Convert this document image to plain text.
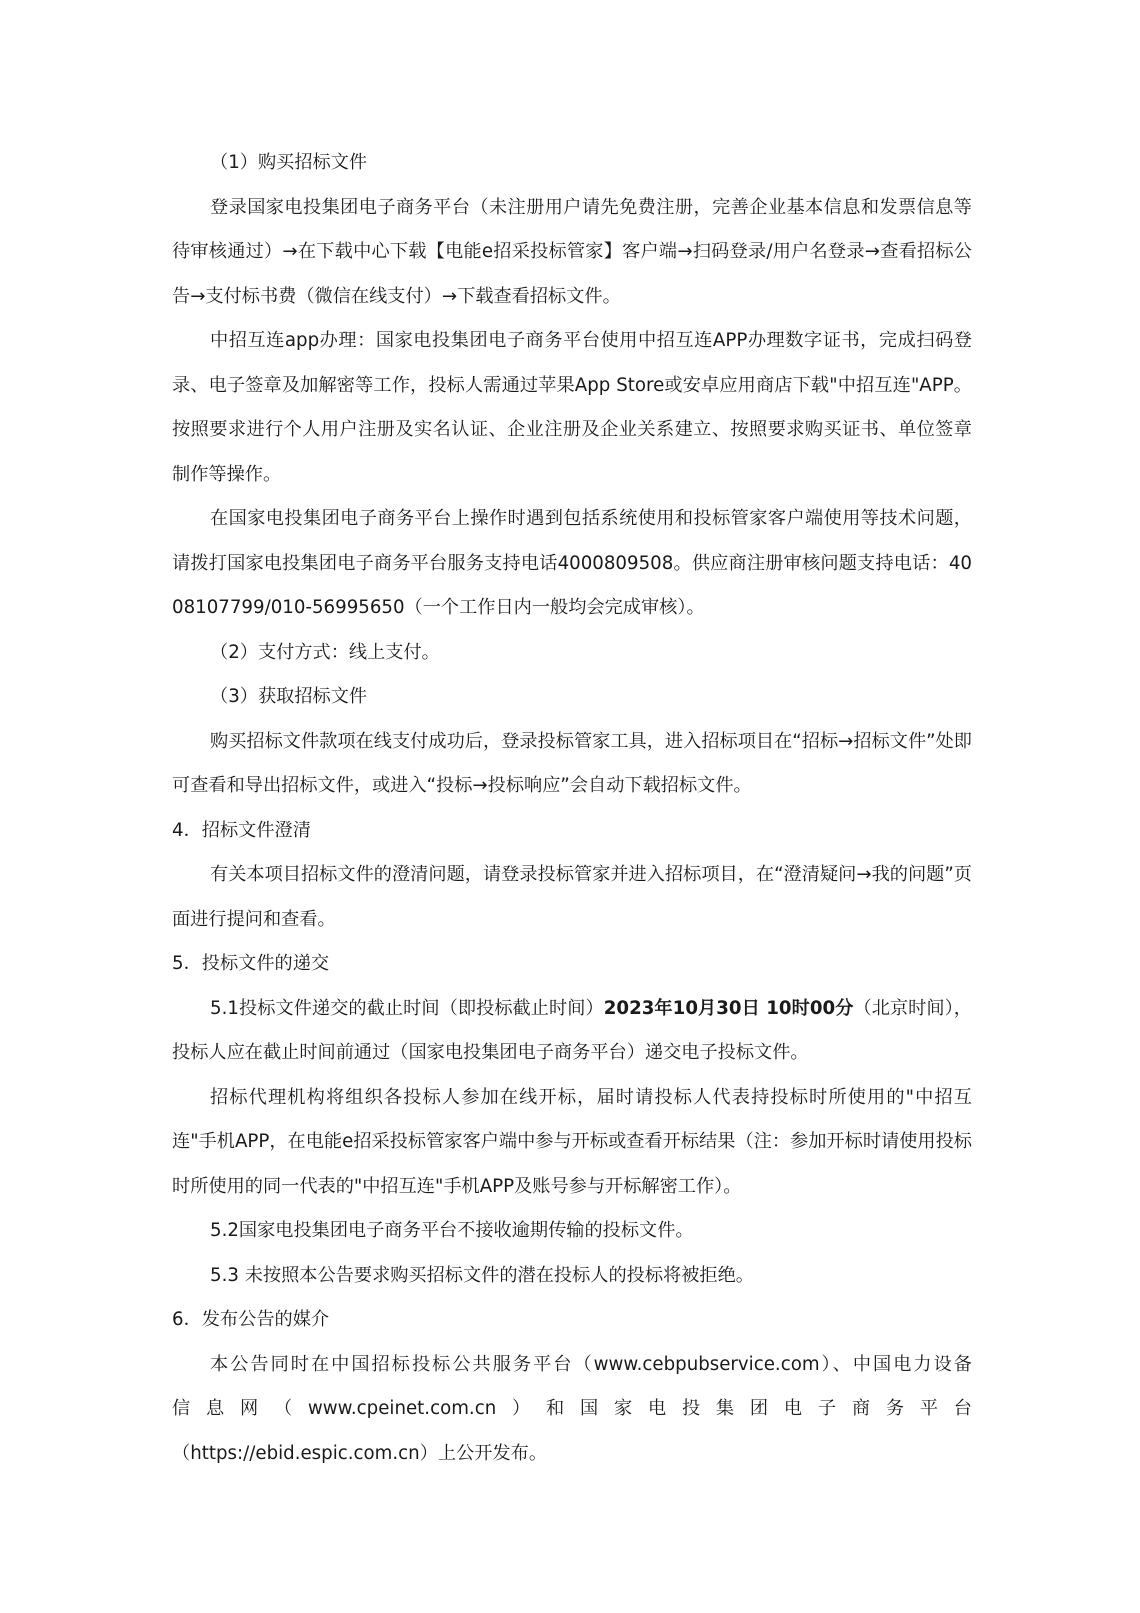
（1）购买招标文件

登录国家电投集团电子商务平台（未注册用户请先免费注册，完善企业基本信息和发票信息等待审核通过）→在下载中心下载【电能e招采投标管家】客户端→扫码登录/用户名登录→查看招标公告→支付标书费（微信在线支付）→下载查看招标文件。

中招互连app办理：国家电投集团电子商务平台使用中招互连APP办理数字证书，完成扫码登录、电子签章及加解密等工作，投标人需通过苹果App Store或安卓应用商店下载"中招互连"APP。按照要求进行个人用户注册及实名认证、企业注册及企业关系建立、按照要求购买证书、单位签章制作等操作。

在国家电投集团电子商务平台上操作时遇到包括系统使用和投标管家客户端使用等技术问题，请拨打国家电投集团电子商务平台服务支持电话4000809508。供应商注册审核问题支持电话：4008107799/010-56995650（一个工作日内一般均会完成审核）。

（2）支付方式：线上支付。

（3）获取招标文件

购买招标文件款项在线支付成功后，登录投标管家工具，进入招标项目在“招标→招标文件”处即可查看和导出招标文件，或进入“投标→投标响应”会自动下载招标文件。

4．招标文件澄清

有关本项目招标文件的澄清问题，请登录投标管家并进入招标项目，在“澄清疑问→我的问题”页面进行提问和查看。

5．投标文件的递交

5.1投标文件递交的截止时间（即投标截止时间）2023年10月30日 10时00分（北京时间），投标人应在截止时间前通过（国家电投集团电子商务平台）递交电子投标文件。

招标代理机构将组织各投标人参加在线开标，届时请投标人代表持投标时所使用的"中招互连"手机APP，在电能e招采投标管家客户端中参与开标或查看开标结果（注：参加开标时请使用投标时所使用的同一代表的"中招互连"手机APP及账号参与开标解密工作）。

5.2国家电投集团电子商务平台不接收逾期传输的投标文件。

5.3 未按照本公告要求购买招标文件的潜在投标人的投标将被拒绝。

6．发布公告的媒介

本公告同时在中国招标投标公共服务平台（www.cebpubservice.com）、中国电力设备

信息网（www.cpeinet.com.cn）和国家电投集团电子商务平台

（https://ebid.espic.com.cn）上公开发布。
